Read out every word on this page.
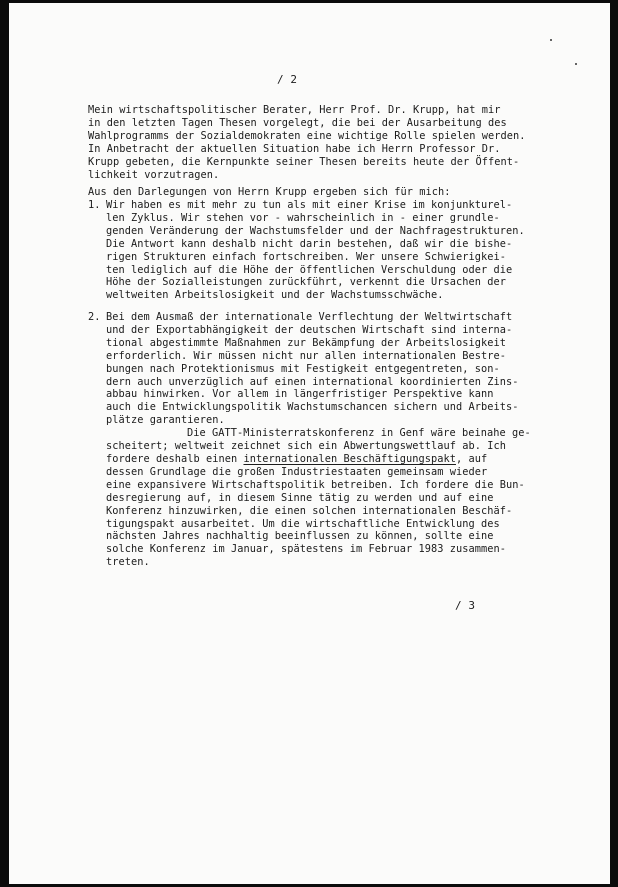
/ 2
Mein wirtschaftspolitischer Berater, Herr Prof. Dr. Krupp, hat mir
in den letzten Tagen Thesen vorgelegt, die bei der Ausarbeitung des
Wahlprogramms der Sozialdemokraten eine wichtige Rolle spielen werden.
In Anbetracht der aktuellen Situation habe ich Herrn Professor Dr.
Krupp gebeten, die Kernpunkte seiner Thesen bereits heute der Öffent-
lichkeit vorzutragen.
Aus den Darlegungen von Herrn Krupp ergeben sich für mich:
1. Wir haben es mit mehr zu tun als mit einer Krise im konjunkturel-
len Zyklus. Wir stehen vor - wahrscheinlich in - einer grundle-
genden Veränderung der Wachstumsfelder und der Nachfragestrukturen.
Die Antwort kann deshalb nicht darin bestehen, daß wir die bishe-
rigen Strukturen einfach fortschreiben. Wer unsere Schwierigkei-
ten lediglich auf die Höhe der öffentlichen Verschuldung oder die
Höhe der Sozialleistungen zurückführt, verkennt die Ursachen der
weltweiten Arbeitslosigkeit und der Wachstumsschwäche.
2. Bei dem Ausmaß der internationale Verflechtung der Weltwirtschaft
und der Exportabhängigkeit der deutschen Wirtschaft sind interna-
tional abgestimmte Maßnahmen zur Bekämpfung der Arbeitslosigkeit
erforderlich. Wir müssen nicht nur allen internationalen Bestre-
bungen nach Protektionismus mit Festigkeit entgegentreten, son-
dern auch unverzüglich auf einen international koordinierten Zins-
abbau hinwirken. Vor allem in längerfristiger Perspektive kann
auch die Entwicklungspolitik Wachstumschancen sichern und Arbeits-
plätze garantieren.
Die GATT-Ministerratskonferenz in Genf wäre beinahe ge-
scheitert; weltweit zeichnet sich ein Abwertungswettlauf ab. Ich
fordere deshalb einen internationalen Beschäftigungspakt, auf
dessen Grundlage die großen Industriestaaten gemeinsam wieder
eine expansivere Wirtschaftspolitik betreiben. Ich fordere die Bun-
desregierung auf, in diesem Sinne tätig zu werden und auf eine
Konferenz hinzuwirken, die einen solchen internationalen Beschäf-
tigungspakt ausarbeitet. Um die wirtschaftliche Entwicklung des
nächsten Jahres nachhaltig beeinflussen zu können, sollte eine
solche Konferenz im Januar, spätestens im Februar 1983 zusammen-
treten.
/ 3
